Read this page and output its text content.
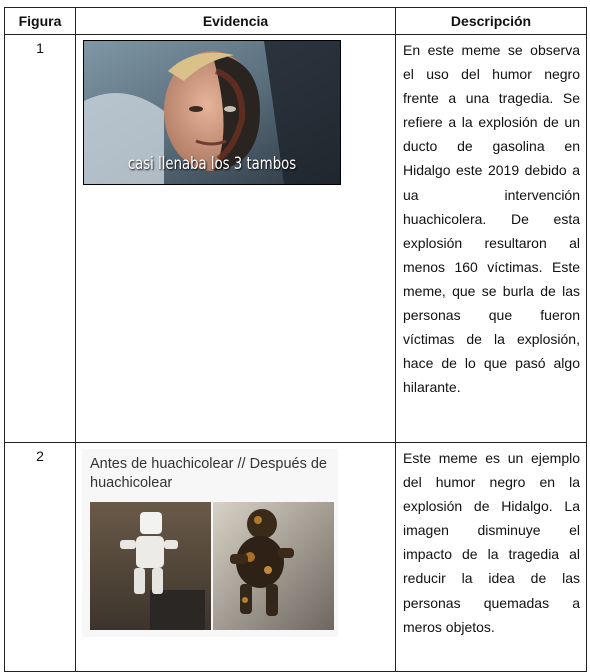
Figura	Evidencia	Descripción
1	casi llenaba los 3 tambos	En este meme se observa el uso del humor negro frente a una tragedia. Se refiere a la explosión de un ducto de gasolina en Hidalgo este 2019 debido a ua intervención huachicolera. De esta explosión resultaron al menos 160 víctimas. Este meme, que se burla de las personas que fueron víctimas de la explosión, hace de lo que pasó algo hilarante.
2	Antes de huachicolear // Después de huachicolear	Este meme es un ejemplo del humor negro en la explosión de Hidalgo. La imagen disminuye el impacto de la tragedia al reducir la idea de las personas quemadas a meros objetos.
